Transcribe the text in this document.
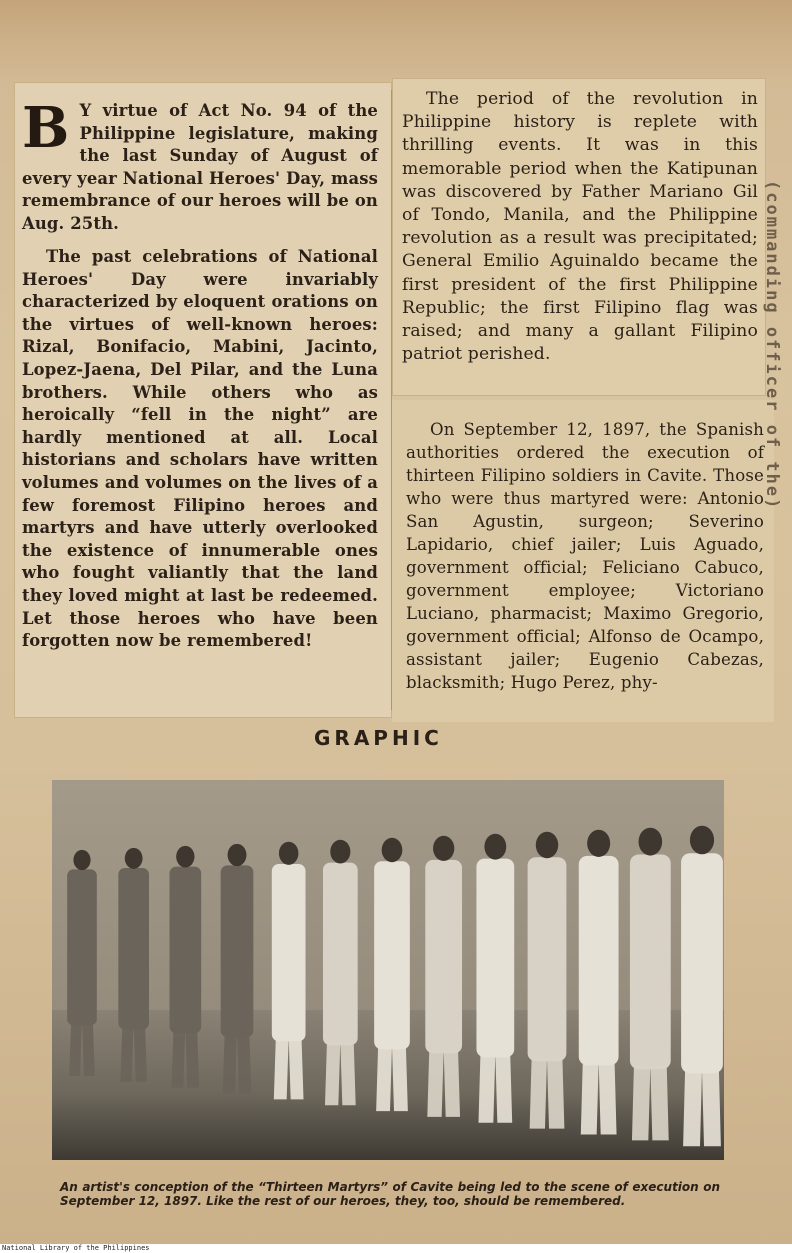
B Y virtue of Act No. 94 of the Philippine legislature, making the last Sunday of August of every year National Heroes' Day, mass remembrance of our heroes will be on Aug. 25th.

The past celebrations of National Heroes' Day were invariably characterized by eloquent orations on the virtues of well-known heroes: Rizal, Bonifacio, Mabini, Jacinto, Lopez-Jaena, Del Pilar, and the Luna brothers. While others who as heroically “fell in the night” are hardly mentioned at all. Local historians and scholars have written volumes and volumes on the lives of a few foremost Filipino heroes and martyrs and have utterly overlooked the existence of innumerable ones who fought valiantly that the land they loved might at last be redeemed. Let those heroes who have been forgotten now be remembered!

The period of the revolution in Philippine history is replete with thrilling events. It was in this memorable period when the Katipunan was discovered by Father Mariano Gil of Tondo, Manila, and the Philippine revolution as a result was precipitated; General Emilio Aguinaldo became the first president of the first Philippine Republic; the first Filipino flag was raised; and many a gallant Filipino patriot perished.

On September 12, 1897, the Spanish authorities ordered the execution of thirteen Filipino soldiers in Cavite. Those who were thus martyred were: Antonio San Agustin, surgeon; Severino Lapidario, chief jailer; Luis Aguado, government official; Feliciano Cabuco, government employee; Victoriano Luciano, pharmacist; Maximo Gregorio, government official; Alfonso de Ocampo, assistant jailer; Eugenio Cabezas, blacksmith; Hugo Perez, phy-

GRAPHIC

An artist's conception of the “Thirteen Martyrs” of Cavite being led to the scene of execution on September 12, 1897. Like the rest of our heroes, they, too, should be remembered.

(commanding officer of the)
National Library of the Philippines
